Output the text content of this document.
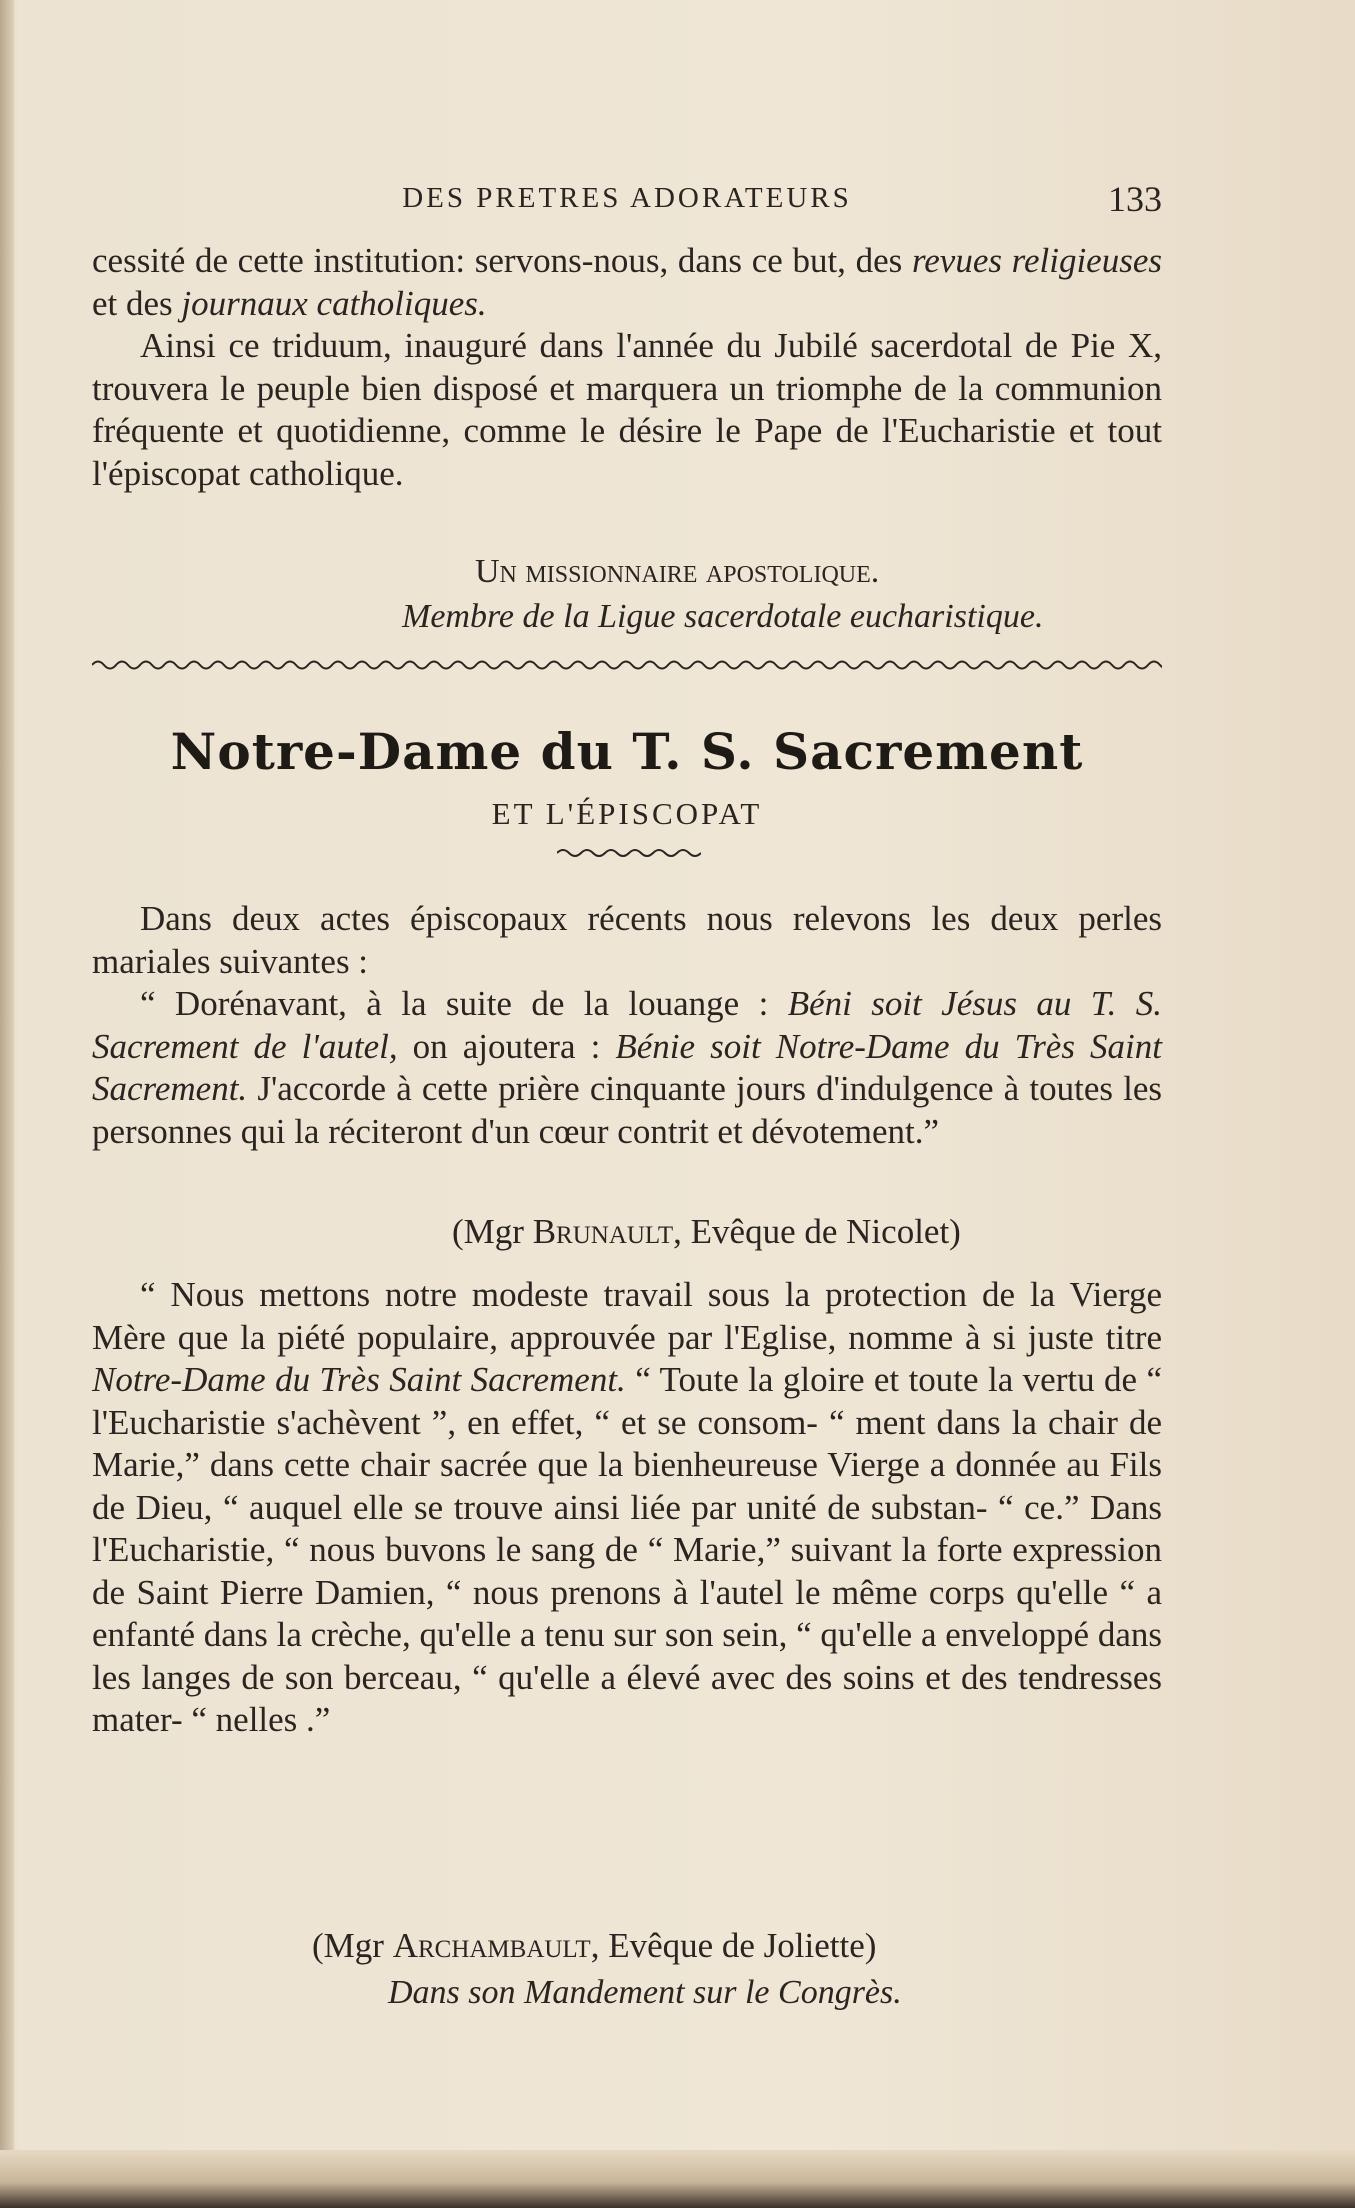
DES PRETRES ADORATEURS	133

cessité de cette institution: servons-nous, dans ce but, des revues religieuses et des journaux catholiques.

Ainsi ce triduum, inauguré dans l'année du Jubilé sacerdotal de Pie X, trouvera le peuple bien disposé et marquera un triomphe de la communion fréquente et quotidienne, comme le désire le Pape de l'Eucharistie et tout l'épiscopat catholique.

Un missionnaire apostolique.
Membre de la Ligue sacerdotale eucharistique.
Notre-Dame du T. S. Sacrement
ET L'ÉPISCOPAT

Dans deux actes épiscopaux récents nous relevons les deux perles mariales suivantes :

“ Dorénavant, à la suite de la louange : Béni soit Jésus au T. S. Sacrement de l'autel, on ajoutera : Bénie soit Notre-Dame du Très Saint Sacrement. J'accorde à cette prière cinquante jours d'indulgence à toutes les personnes qui la réciteront d'un cœur contrit et dévotement.”

(Mgr Brunault, Evêque de Nicolet)

“ Nous mettons notre modeste travail sous la protection de la Vierge Mère que la piété populaire, approuvée par l'Eglise, nomme à si juste titre Notre-Dame du Très Saint Sacrement. “ Toute la gloire et toute la vertu de “ l'Eucharistie s'achèvent ”, en effet, “ et se consom- “ ment dans la chair de Marie,” dans cette chair sacrée que la bienheureuse Vierge a donnée au Fils de Dieu, “ auquel elle se trouve ainsi liée par unité de substan- “ ce.” Dans l'Eucharistie, “ nous buvons le sang de “ Marie,” suivant la forte expression de Saint Pierre Damien, “ nous prenons à l'autel le même corps qu'elle “ a enfanté dans la crèche, qu'elle a tenu sur son sein, “ qu'elle a enveloppé dans les langes de son berceau, “ qu'elle a élevé avec des soins et des tendresses mater- “ nelles .”

(Mgr Archambault, Evêque de Joliette)
Dans son Mandement sur le Congrès.
